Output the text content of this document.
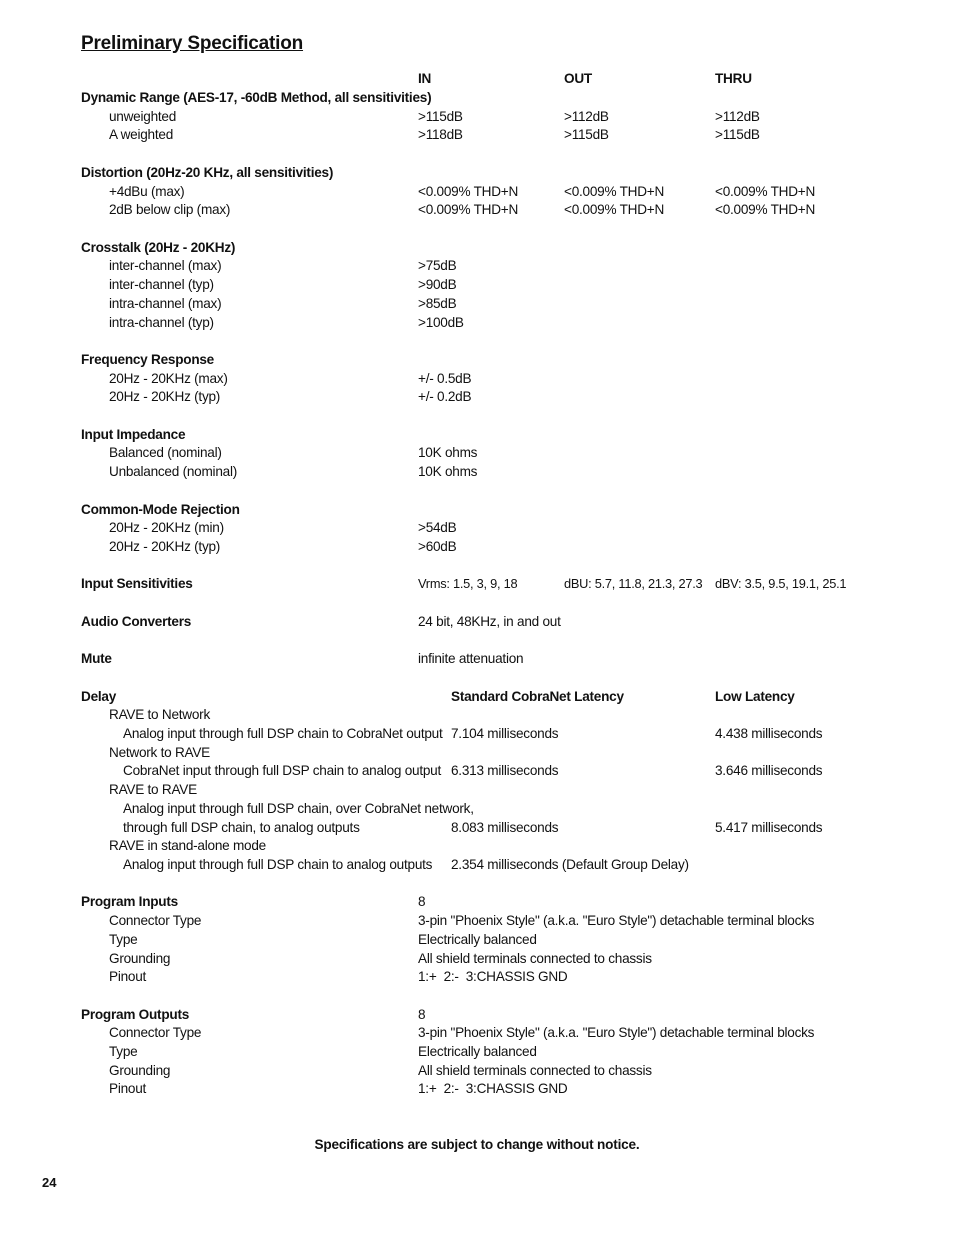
Preliminary Specification
IN	OUT	THRU
Dynamic Range (AES-17, -60dB Method, all sensitivities)
unweighted	>115dB	>112dB	>112dB
A weighted	>118dB	>115dB	>115dB
Distortion (20Hz-20 KHz, all sensitivities)
+4dBu (max)	<0.009% THD+N	<0.009% THD+N	<0.009% THD+N
2dB below clip (max)	<0.009% THD+N	<0.009% THD+N	<0.009% THD+N
Crosstalk (20Hz - 20KHz)
inter-channel (max)	>75dB
inter-channel (typ)	>90dB
intra-channel (max)	>85dB
intra-channel (typ)	>100dB
Frequency Response
20Hz - 20KHz (max)	+/- 0.5dB
20Hz - 20KHz (typ)	+/- 0.2dB
Input Impedance
Balanced (nominal)	10K ohms
Unbalanced (nominal)	10K ohms
Common-Mode Rejection
20Hz - 20KHz (min)	>54dB
20Hz - 20KHz (typ)	>60dB
Input Sensitivities	Vrms: 1.5, 3, 9, 18	dBU: 5.7, 11.8, 21.3, 27.3 dBV: 3.5, 9.5, 19.1, 25.1
Audio Converters	24 bit, 48KHz, in and out
Mute	infinite attenuation
Delay	Standard CobraNet Latency	Low Latency
RAVE to Network
Analog input through full DSP chain to CobraNet output 7.104 milliseconds	4.438 milliseconds
Network to RAVE
CobraNet input through full DSP chain to analog output 6.313 milliseconds	3.646 milliseconds
RAVE to RAVE
Analog input through full DSP chain, over CobraNet network,
through full DSP chain, to analog outputs	8.083 milliseconds	5.417 milliseconds
RAVE in stand-alone mode
Analog input through full DSP chain to analog outputs 2.354 milliseconds (Default Group Delay)
Program Inputs	8
Connector Type	3-pin "Phoenix Style" (a.k.a. "Euro Style") detachable terminal blocks
Type	Electrically balanced
Grounding	All shield terminals connected to chassis
Pinout	1:+  2:-  3:CHASSIS GND
Program Outputs	8
Connector Type	3-pin "Phoenix Style" (a.k.a. "Euro Style") detachable terminal blocks
Type	Electrically balanced
Grounding	All shield terminals connected to chassis
Pinout	1:+  2:-  3:CHASSIS GND
Specifications are subject to change without notice.
24
